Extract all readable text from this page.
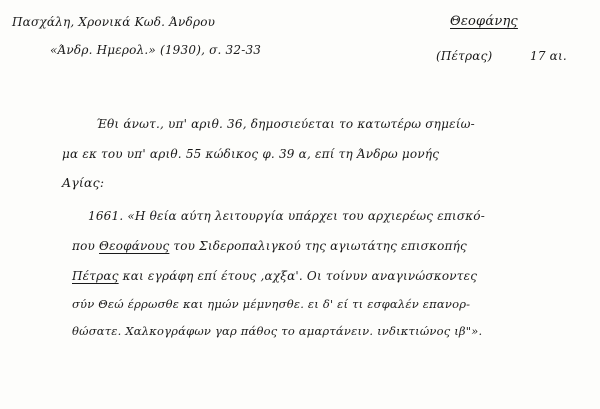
Πασχάλη, Χρονικά Κωδ. Άνδρου
«Άνδρ. Ημερολ.» (1930), σ. 32-33
Θεοφάνης
(Πέτρας)	17 αι.
Έθι άνωτ., υπ' αριθ. 36, δημοσιεύεται το κατωτέρω σημείω-
μα εκ του υπ' αριθ. 55 κώδικος φ. 39 α, επί τη Άνδρω μονής
Αγίας:
1661. «Η θεία αύτη λειτουργία υπάρχει του αρχιερέως επισκό-
που Θεοφάνους του Σιδεροπαλιγκού της αγιωτάτης επισκοπής
Πέτρας και εγράφη επί έτους ,αχξα'. Οι τοίνυν αναγινώσκοντες
σύν Θεώ έρρωσθε και ημών μέμνησθε. ει δ' εί τι εσφαλέν επανορ-
θώσατε. Χαλκογράφων γαρ πάθος το αμαρτάνειν. ινδικτιώνος ιβ"».
